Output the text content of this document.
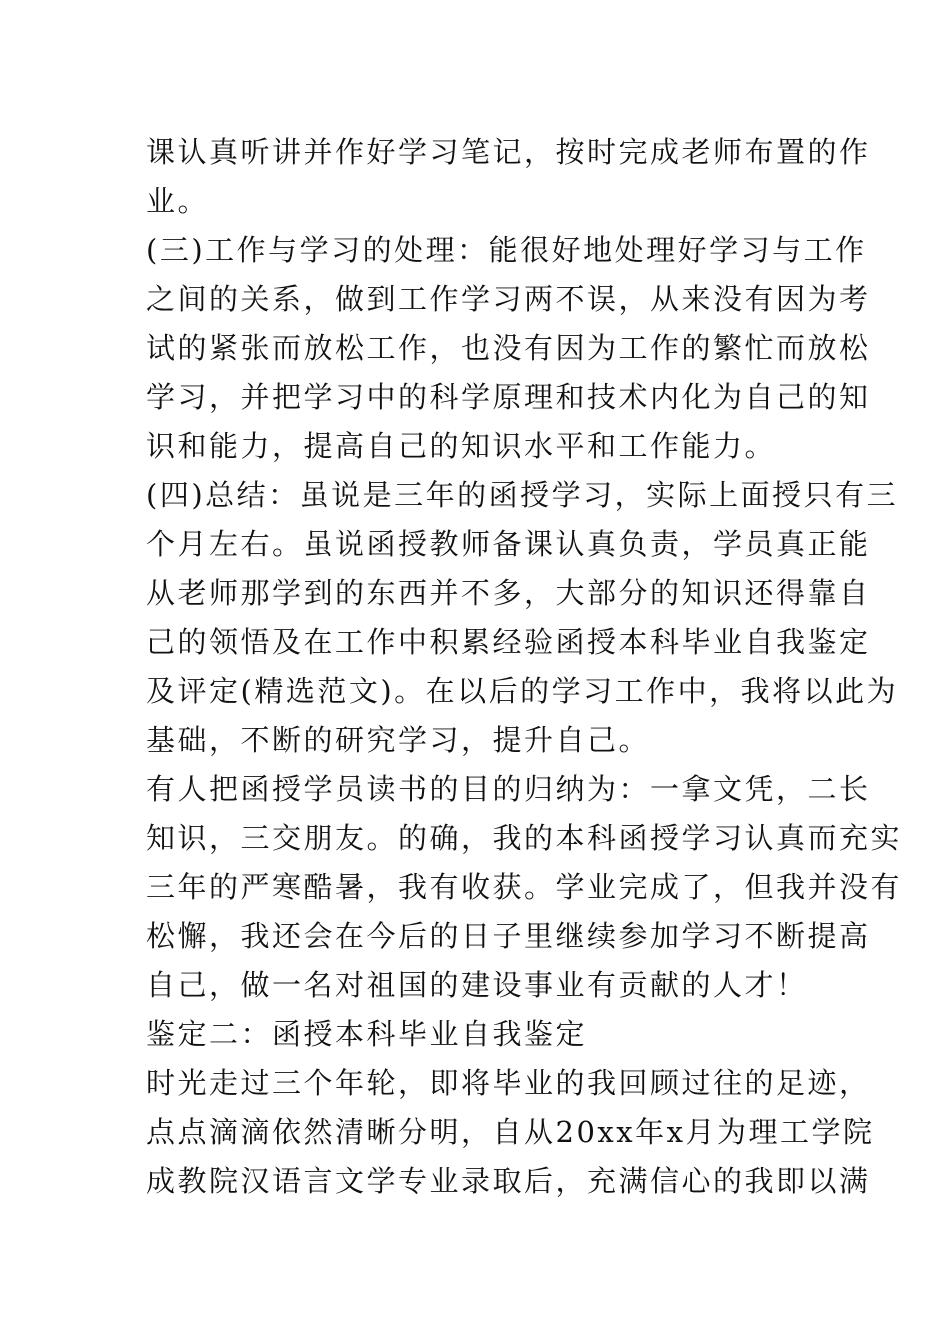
课认真听讲并作好学习笔记，按时完成老师布置的作
业。
(三)工作与学习的处理：能很好地处理好学习与工作
之间的关系，做到工作学习两不误，从来没有因为考
试的紧张而放松工作，也没有因为工作的繁忙而放松
学习，并把学习中的科学原理和技术内化为自己的知
识和能力，提高自己的知识水平和工作能力。
(四)总结：虽说是三年的函授学习，实际上面授只有三
个月左右。虽说函授教师备课认真负责，学员真正能
从老师那学到的东西并不多，大部分的知识还得靠自
己的领悟及在工作中积累经验函授本科毕业自我鉴定
及评定(精选范文)。在以后的学习工作中，我将以此为
基础，不断的研究学习，提升自己。
有人把函授学员读书的目的归纳为：一拿文凭，二长
知识，三交朋友。的确，我的本科函授学习认真而充实
三年的严寒酷暑，我有收获。学业完成了，但我并没有
松懈，我还会在今后的日子里继续参加学习不断提高
自己，做一名对祖国的建设事业有贡献的人才！
鉴定二：函授本科毕业自我鉴定
时光走过三个年轮，即将毕业的我回顾过往的足迹，
点点滴滴依然清晰分明，自从20xx年x月为理工学院
成教院汉语言文学专业录取后，充满信心的我即以满
